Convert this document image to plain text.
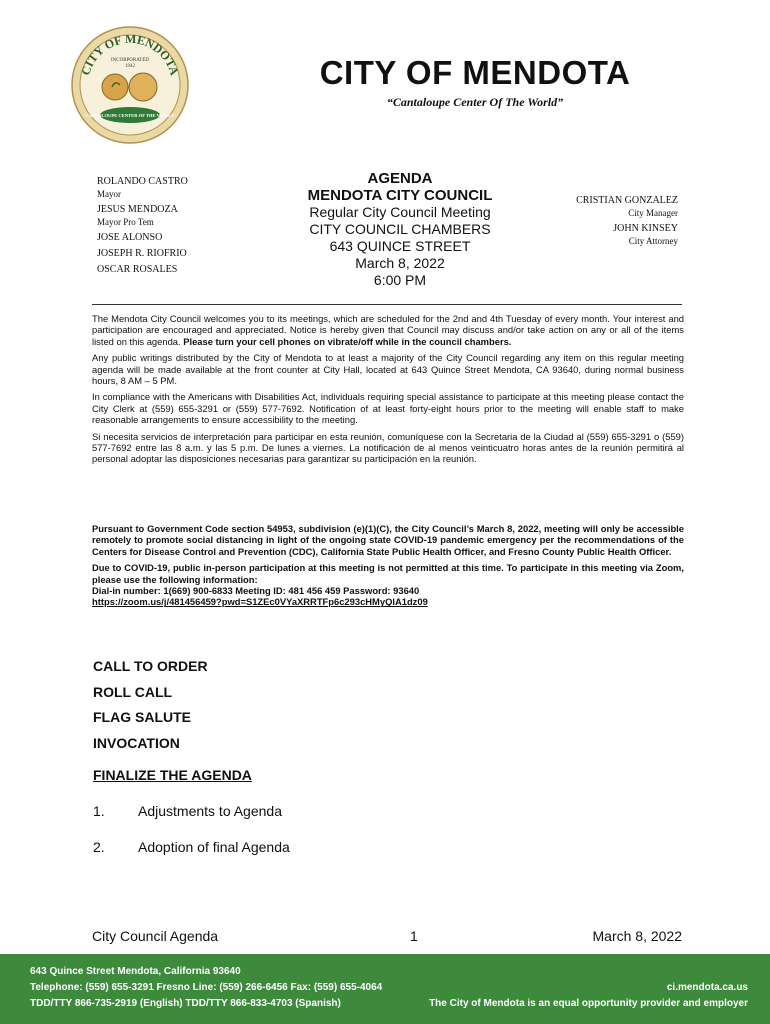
CITY OF MENDOTA
INCORPORATED
1942
CANTALOUPE CENTER OF THE WORLD
CITY OF MENDOTA
“Cantaloupe Center Of The World”
ROLANDO CASTRO
Mayor
JESUS MENDOZA
Mayor Pro Tem
JOSE ALONSO
JOSEPH R. RIOFRIO
OSCAR ROSALES
AGENDA
MENDOTA CITY COUNCIL
Regular City Council Meeting
CITY COUNCIL CHAMBERS
643 QUINCE STREET
March 8, 2022
6:00 PM
CRISTIAN GONZALEZ
City Manager
JOHN KINSEY
City Attorney

The Mendota City Council welcomes you to its meetings, which are scheduled for the 2nd and 4th Tuesday of every month. Your interest and participation are encouraged and appreciated. Notice is hereby given that Council may discuss and/or take action on any or all of the items listed on this agenda. Please turn your cell phones on vibrate/off while in the council chambers.

Any public writings distributed by the City of Mendota to at least a majority of the City Council regarding any item on this regular meeting agenda will be made available at the front counter at City Hall, located at 643 Quince Street Mendota, CA 93640, during normal business hours, 8 AM – 5 PM.

In compliance with the Americans with Disabilities Act, individuals requiring special assistance to participate at this meeting please contact the City Clerk at (559) 655-3291 or (559) 577-7692. Notification of at least forty-eight hours prior to the meeting will enable staff to make reasonable arrangements to ensure accessibility to the meeting.

Si necesita servicios de interpretación para participar en esta reunión, comuníquese con la Secretaria de la Ciudad al (559) 655-3291 o (559) 577-7692 entre las 8 a.m. y las 5 p.m. De lunes a viernes. La notificación de al menos veinticuatro horas antes de la reunión permitirá al personal adoptar las disposiciones necesarias para garantizar su participación en la reunión.

Pursuant to Government Code section 54953, subdivision (e)(1)(C), the City Council’s March 8, 2022, meeting will only be accessible remotely to promote social distancing in light of the ongoing state COVID-19 pandemic emergency per the recommendations of the Centers for Disease Control and Prevention (CDC), California State Public Health Officer, and Fresno County Public Health Officer.

Due to COVID-19, public in-person participation at this meeting is not permitted at this time. To participate in this meeting via Zoom, please use the following information:
Dial-in number: 1(669) 900-6833 Meeting ID: 481 456 459 Password: 93640
https://zoom.us/j/481456459?pwd=S1ZEc0VYaXRRTFp6c293cHMyQlA1dz09

CALL TO ORDER
ROLL CALL
FLAG SALUTE
INVOCATION
FINALIZE THE AGENDA
1. Adjustments to Agenda
2. Adoption of final Agenda
City Council Agenda	1	March 8, 2022
643 Quince Street Mendota, California 93640
Telephone: (559) 655-3291 Fresno Line: (559) 266-6456 Fax: (559) 655-4064
TDD/TTY 866-735-2919 (English) TDD/TTY 866-833-4703 (Spanish)
ci.mendota.ca.us
The City of Mendota is an equal opportunity provider and employer
